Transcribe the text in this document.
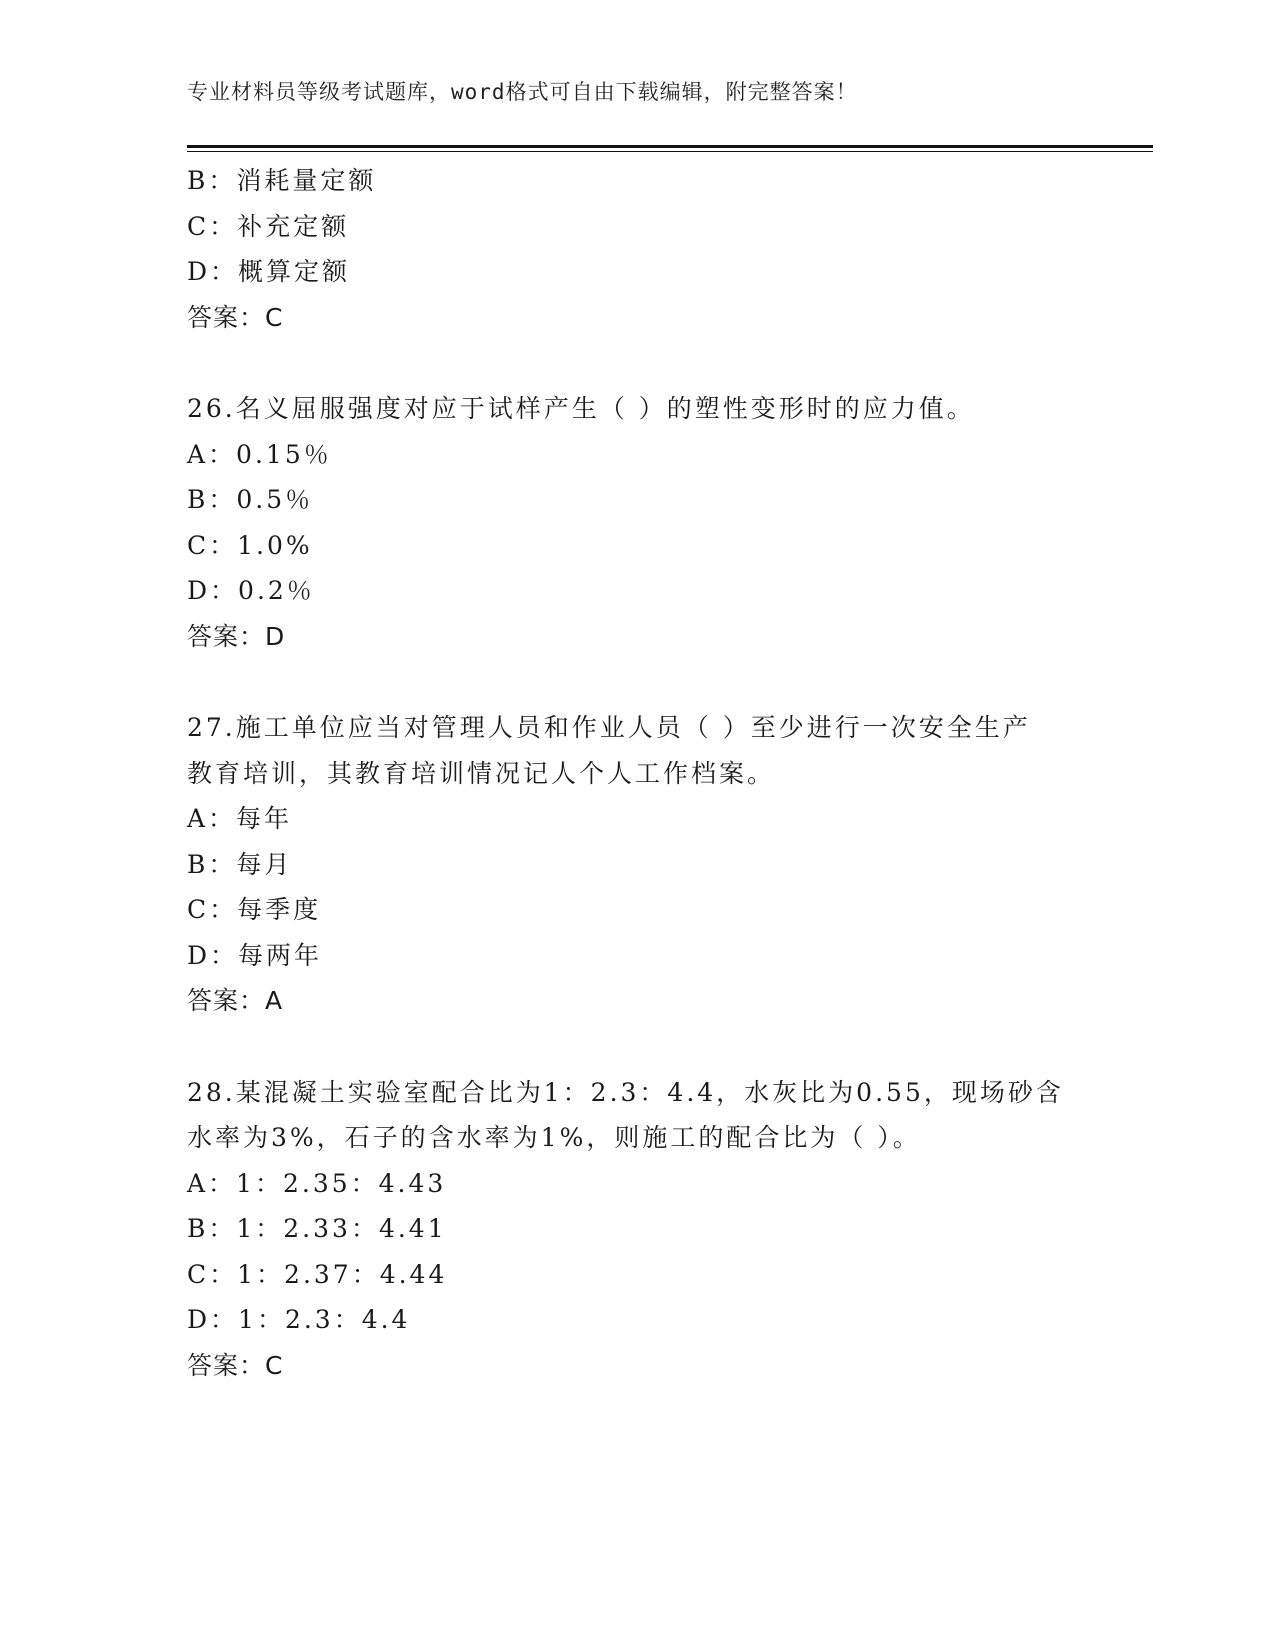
专业材料员等级考试题库，word格式可自由下载编辑，附完整答案！
B：消耗量定额
C：补充定额
D：概算定额
答案：C
26.名义屈服强度对应于试样产生（ ）的塑性变形时的应力值。
A：0.15％
B：0.5％
C：1.0%
D：0.2％
答案：D
27.施工单位应当对管理人员和作业人员（ ）至少进行一次安全生产
教育培训，其教育培训情况记人个人工作档案。
A：每年
B：每月
C：每季度
D：每两年
答案：A
28.某混凝土实验室配合比为1：2.3：4.4，水灰比为0.55，现场砂含
水率为3%，石子的含水率为1%，则施工的配合比为（ ）。
A：1：2.35：4.43
B：1：2.33：4.41
C：1：2.37：4.44
D：1：2.3：4.4
答案：C
